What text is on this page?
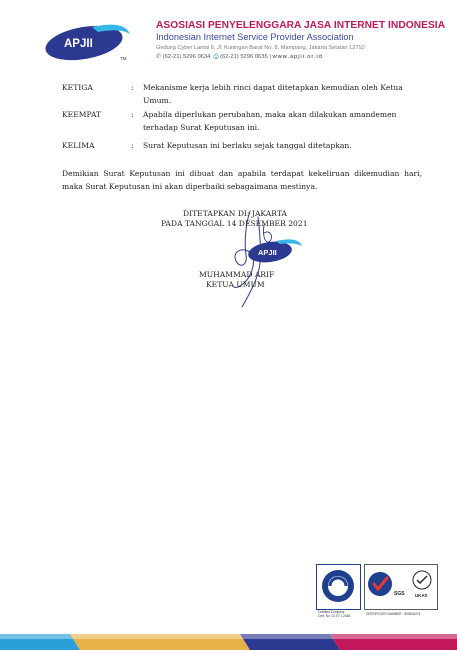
APJII
TM
ASOSIASI PENYELENGGARA JASA INTERNET INDONESIA
Indonesian Internet Service Provider Association
Gedung Cyber Lantai 6, Jl. Kuningan Barat No. 8, Mampang, Jakarta Selatan 12710
✆ (62-21) 5296 0634 ⎙ (62-21) 5296 0635 | www.apjii.or.id
KETIGA	: Mekanisme kerja lebih rinci dapat ditetapkan kemudian oleh Ketua Umum.
KEEMPAT	: Apabila diperlukan perubahan, maka akan dilakukan amandemen terhadap Surat Keputusan ini.
KELIMA	: Surat Keputusan ini berlaku sejak tanggal ditetapkan.
Demikian Surat Keputusan ini dibuat dan apabila terdapat kekeliruan dikemudian hari, maka Surat Keputusan ini akan diperbaiki sebagaimana mestinya.
DITETAPKAN DI: JAKARTA
PADA TANGGAL 14 DESEMBER 2021
APJII
MUHAMMAD ARIF
KETUA UMUM
SGS UKAS
Certified Company
Cert. No. 01 07 1 2484	CERTIFICATE NUMBER : ID08/04274
